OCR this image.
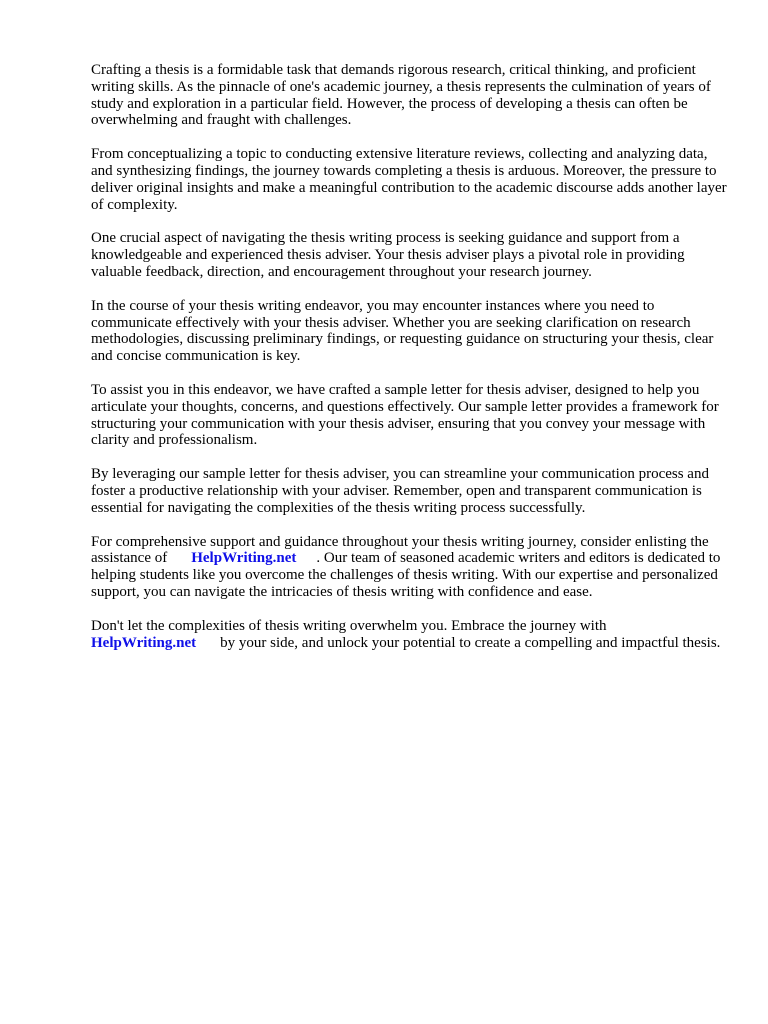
Crafting a thesis is a formidable task that demands rigorous research, critical thinking, and proficient writing skills. As the pinnacle of one's academic journey, a thesis represents the culmination of years of study and exploration in a particular field. However, the process of developing a thesis can often be overwhelming and fraught with challenges.

From conceptualizing a topic to conducting extensive literature reviews, collecting and analyzing data, and synthesizing findings, the journey towards completing a thesis is arduous. Moreover, the pressure to deliver original insights and make a meaningful contribution to the academic discourse adds another layer of complexity.

One crucial aspect of navigating the thesis writing process is seeking guidance and support from a knowledgeable and experienced thesis adviser. Your thesis adviser plays a pivotal role in providing valuable feedback, direction, and encouragement throughout your research journey.

In the course of your thesis writing endeavor, you may encounter instances where you need to communicate effectively with your thesis adviser. Whether you are seeking clarification on research methodologies, discussing preliminary findings, or requesting guidance on structuring your thesis, clear and concise communication is key.

To assist you in this endeavor, we have crafted a sample letter for thesis adviser, designed to help you articulate your thoughts, concerns, and questions effectively. Our sample letter provides a framework for structuring your communication with your thesis adviser, ensuring that you convey your message with clarity and professionalism.

By leveraging our sample letter for thesis adviser, you can streamline your communication process and foster a productive relationship with your adviser. Remember, open and transparent communication is essential for navigating the complexities of the thesis writing process successfully.

For comprehensive support and guidance throughout your thesis writing journey, consider enlisting the assistance of HelpWriting.net . Our team of seasoned academic writers and editors is dedicated to helping students like you overcome the challenges of thesis writing. With our expertise and personalized support, you can navigate the intricacies of thesis writing with confidence and ease.

Don't let the complexities of thesis writing overwhelm you. Embrace the journey with
HelpWriting.net by your side, and unlock your potential to create a compelling and impactful thesis.
